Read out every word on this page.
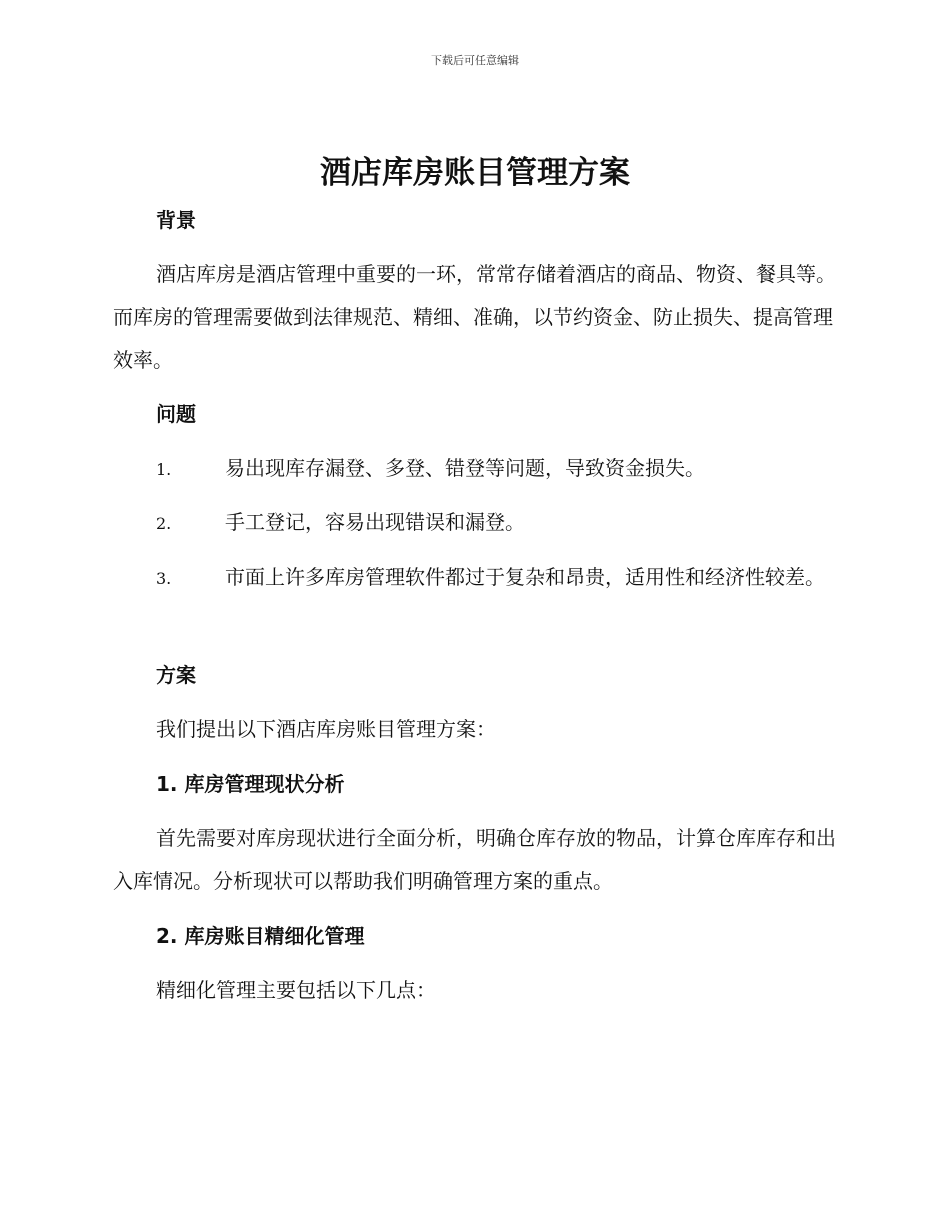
下载后可任意编辑
酒店库房账目管理方案
背景

酒店库房是酒店管理中重要的一环，常常存储着酒店的商品、物资、餐具等。而库房的管理需要做到法律规范、精细、准确，以节约资金、防止损失、提高管理效率。

问题

1.	易出现库存漏登、多登、错登等问题，导致资金损失。

2.	手工登记，容易出现错误和漏登。

3.	市面上许多库房管理软件都过于复杂和昂贵，适用性和经济性较差。

方案

我们提出以下酒店库房账目管理方案：

1. 库房管理现状分析

首先需要对库房现状进行全面分析，明确仓库存放的物品，计算仓库库存和出入库情况。分析现状可以帮助我们明确管理方案的重点。

2. 库房账目精细化管理

精细化管理主要包括以下几点：
